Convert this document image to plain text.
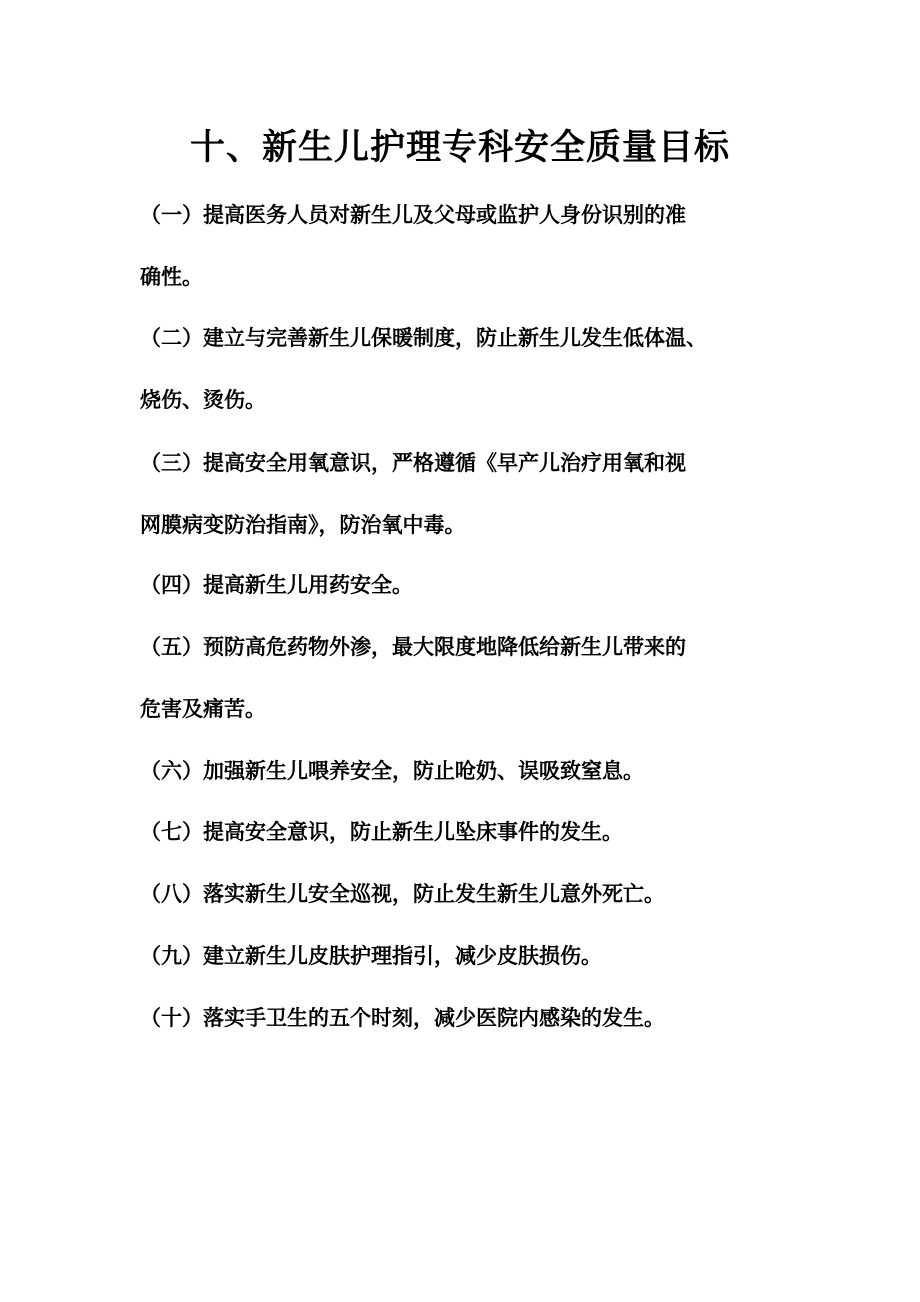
十、新生儿护理专科安全质量目标
（一）提高医务人员对新生儿及父母或监护人身份识别的准
确性。
（二）建立与完善新生儿保暖制度，防止新生儿发生低体温、
烧伤、烫伤。
（三）提高安全用氧意识，严格遵循《早产儿治疗用氧和视
网膜病变防治指南》，防治氧中毒。
（四）提高新生儿用药安全。
（五）预防高危药物外渗，最大限度地降低给新生儿带来的
危害及痛苦。
（六）加强新生儿喂养安全，防止呛奶、误吸致窒息。
（七）提高安全意识，防止新生儿坠床事件的发生。
（八）落实新生儿安全巡视，防止发生新生儿意外死亡。
（九）建立新生儿皮肤护理指引，减少皮肤损伤。
（十）落实手卫生的五个时刻，减少医院内感染的发生。
